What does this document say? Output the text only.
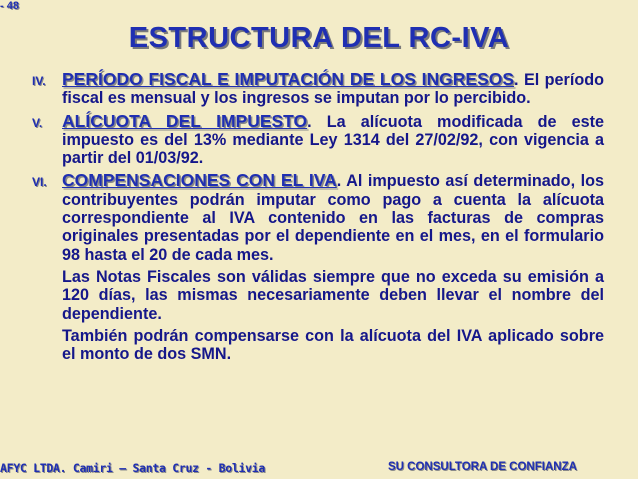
- 48
ESTRUCTURA DEL RC-IVA
IV. PERÍODO FISCAL E IMPUTACIÓN DE LOS INGRESOS. El período fiscal es mensual y los ingresos se imputan por lo percibido.
V.	ALÍCUOTA DEL IMPUESTO. La alícuota modificada de este impuesto es del 13% mediante Ley 1314 del 27/02/92, con vigencia a partir del 01/03/92.
VI. COMPENSACIONES CON EL IVA. Al impuesto así determinado, los contribuyentes podrán imputar como pago a cuenta la alícuota correspondiente al IVA contenido en las facturas de compras originales presentadas por el dependiente en el mes, en el formulario 98 hasta el 20 de cada mes.
Las Notas Fiscales son válidas siempre que no exceda su emisión a 120 días, las mismas necesariamente deben llevar el nombre del dependiente.
También podrán compensarse con la alícuota del IVA aplicado sobre el monto de dos SMN.
AFYC LTDA. Camiri – Santa Cruz - Bolivia	SU CONSULTORA DE CONFIANZA
